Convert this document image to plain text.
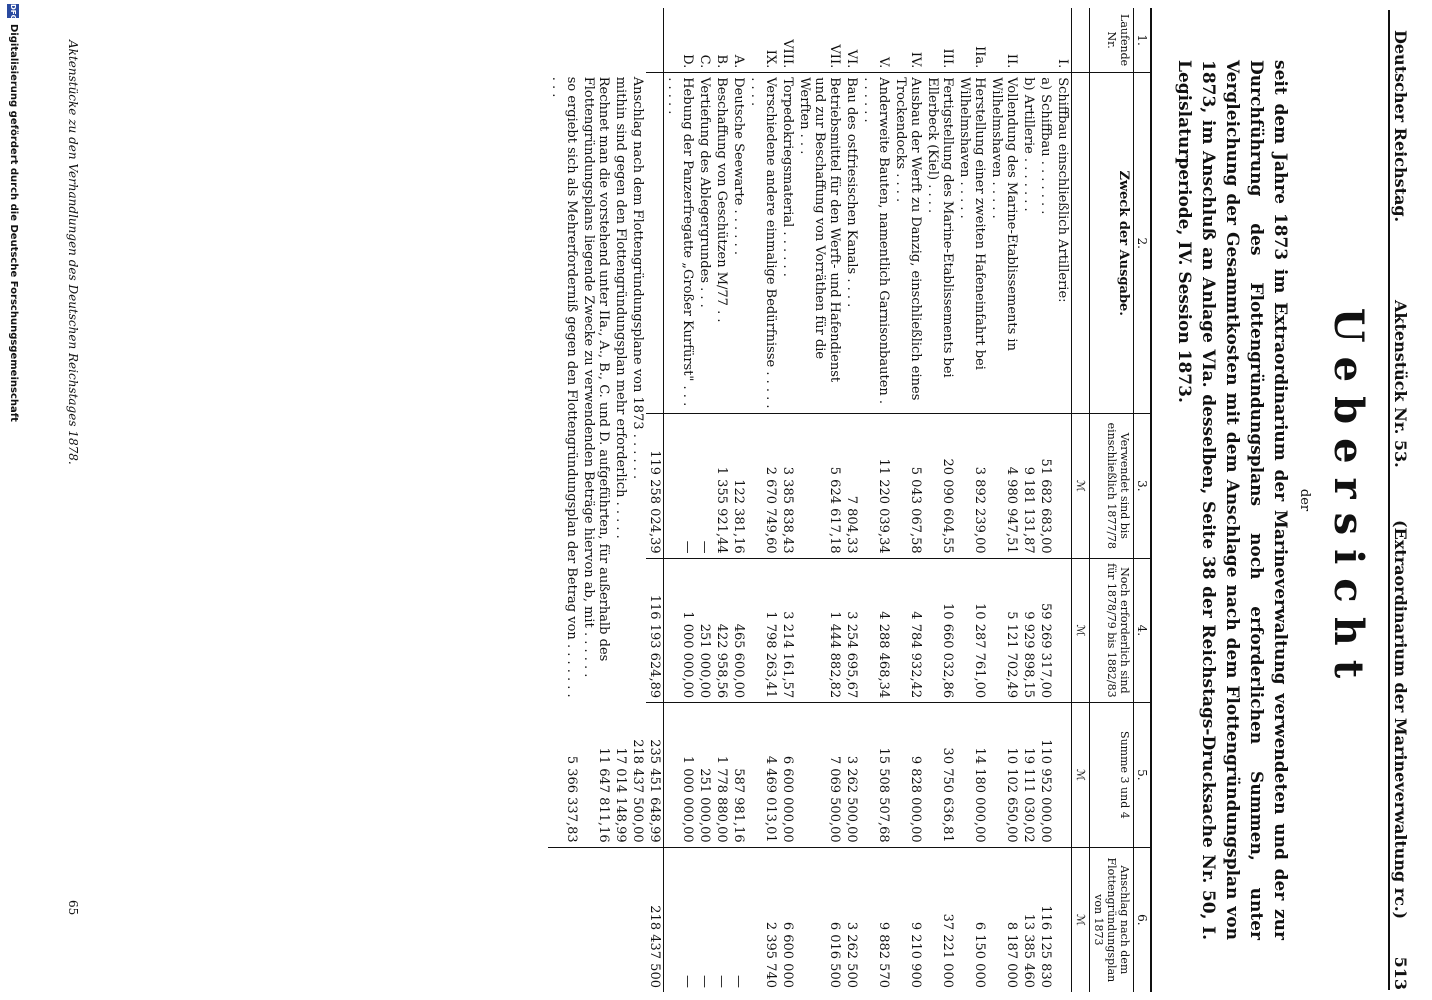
Deutscher Reichstag.
Aktenstück Nr. 53.
(Extraordinarium der Marineverwaltung rc.)
513
Uebersicht
der
seit dem Jahre 1873 im Extraordinarium der Marineverwaltung verwendeten und der zur Durchführung des Flottengründungsplans noch erforderlichen Summen, unter Vergleichung der Gesammtkosten mit dem Anschlage nach dem Flottengründungsplan von 1873, im Anschluß an Anlage VIa. desselben, Seite 38 der Reichstags-Drucksache Nr. 50, I. Legislaturperiode, IV. Session 1873.
1.	2.	3.	4.	5.	6.
Laufende Nr.	Zweck der Ausgabe.	Verwendet sind bis einschließlich 1877/78	Noch erforderlich sind für 1878/79 bis 1882/83	Summe 3 und 4	Anschlag nach dem Flottengründungsplan von 1873
		ℳ	ℳ	ℳ	ℳ
I.	Schiffbau einschließlich Artillerie:				
	a) Schiffbau . . . . . . .	51 682 683,00	59 269 317,00	110 952 000,00	116 125 830
	b) Artillerie . . . . . . .	9 181 131,87	9 929 898,15	19 111 030,02	13 385 460
II.	Vollendung des Marine-Etablissements in Wilhelmshaven . . . . .	4 980 947,51	5 121 702,49	10 102 650,00	8 187 000
IIa.	Herstellung einer zweiten Hafeneinfahrt bei Wilhelmshaven . . . . .	3 892 239,00	10 287 761,00	14 180 000,00	6 150 000
III.	Fertigstellung des Marine-Etablissements bei Ellerbeck (Kiel) . . . .	20 090 604,55	10 660 032,86	30 750 636,81	37 221 000
IV.	Ausbau der Werft zu Danzig, einschließlich eines Trockendocks . . . .	5 043 067,58	4 784 932,42	9 828 000,00	9 210 900
V.	Anderweite Bauten, namentlich Garnisonbauten . . . . . . .	11 220 039,34	4 288 468,34	15 508 507,68	9 882 570
VI.	Bau des ostfriesischen Kanals . . . .	7 804,33	3 254 695,67	3 262 500,00	3 262 500
VII.	Betriebsmittel für den Werft- und Hafendienst und zur Beschaffung von Vorräthen für die Werften . . .	5 624 617,18	1 444 882,82	7 069 500,00	6 016 500
VIII.	Torpedokriegsmaterial . . . . . .	3 385 838,43	3 214 161,57	6 600 000,00	6 600 000
IX.	Verschiedene andere einmalige Bedürfnisse . . . . . . . . .	2 670 749,60	1 798 263,41	4 469 013,01	2 395 740
A.	Deutsche Seewarte . . . . . .	122 381,16	465 600,00	587 981,16	—
B.	Beschaffung von Geschützen M/77 . .	1 355 921,44	422 958,56	1 778 880,00	—
C.	Vertiefung des Ablegergrundes . . .	—	251 000,00	251 000,00	—
D.	Hebung der Panzerfregatte „Großer Kurfürst" . . . . . . . .	—	1 000 000,00	1 000 000,00	—
		119 258 024,39	116 193 624,89	235 451 648,99	218 437 500
	Anschlag nach dem Flottengründungsplane von 1873 . . . . . .			218 437 500,00	
	mithin sind gegen den Flottengründungsplan mehr erforderlich . . . . .			17 014 148,99	
	Rechnet man die vorstehend unter IIa., A., B., C. und D. aufgeführten, für außerhalb des Flottengründungsplans liegende Zwecke zu verwendenden Beträge hiervon ab, mit . . . . . .			11 647 811,16	
	so ergiebt sich als Mehrerforderniß gegen den Flottengründungsplan der Betrag von . . . . . . . . . .			5 366 337,83	
Aktenstücke zu den Verhandlungen des Deutschen Reichstages 1878.
65
DFG
Digitalisierung gefördert durch die Deutsche Forschungsgemeinschaft
